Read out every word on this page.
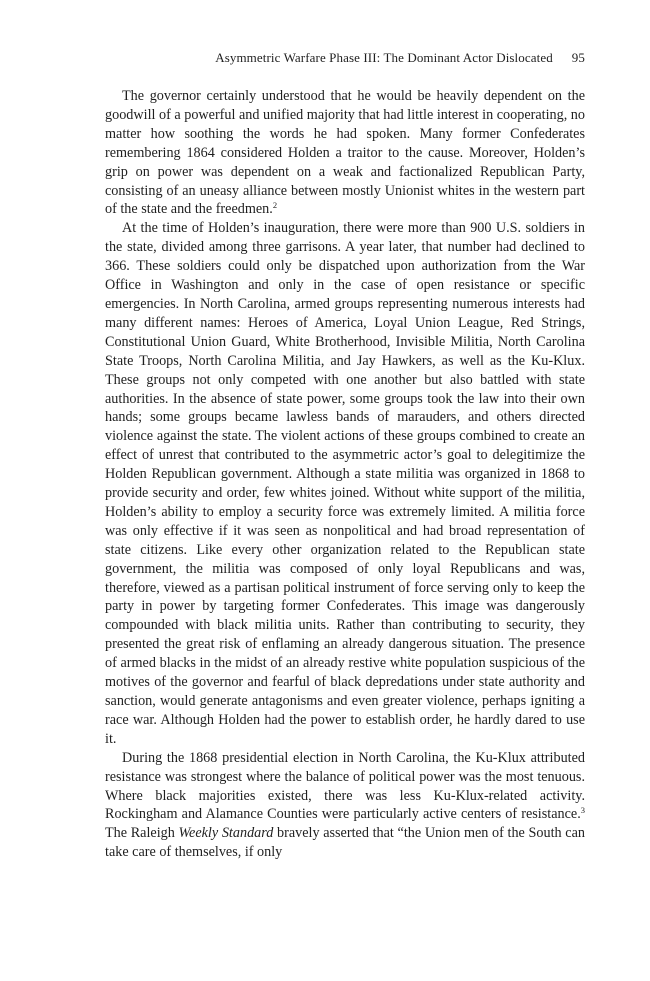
Asymmetric Warfare Phase III: The Dominant Actor Dislocated 95

The governor certainly understood that he would be heavily dependent on the goodwill of a powerful and unified majority that had little interest in cooperating, no matter how soothing the words he had spoken. Many former Confederates remembering 1864 considered Holden a traitor to the cause. Moreover, Holden’s grip on power was dependent on a weak and factionalized Republican Party, consisting of an uneasy alliance between mostly Unionist whites in the western part of the state and the freedmen.$^2$

At the time of Holden’s inauguration, there were more than 900 U.S. soldiers in the state, divided among three garrisons. A year later, that number had declined to 366. These soldiers could only be dispatched upon authorization from the War Office in Washington and only in the case of open resistance or specific emergencies. In North Carolina, armed groups representing numerous interests had many different names: Heroes of America, Loyal Union League, Red Strings, Constitutional Union Guard, White Brotherhood, Invisible Militia, North Carolina State Troops, North Carolina Militia, and Jay Hawkers, as well as the Ku-Klux. These groups not only competed with one another but also battled with state authorities. In the absence of state power, some groups took the law into their own hands; some groups became lawless bands of marauders, and others directed violence against the state. The violent actions of these groups combined to create an effect of unrest that contributed to the asymmetric actor’s goal to delegitimize the Holden Republican government. Although a state militia was organized in 1868 to provide security and order, few whites joined. Without white support of the militia, Holden’s ability to employ a security force was extremely limited. A militia force was only effective if it was seen as nonpolitical and had broad representation of state citizens. Like every other organization related to the Republican state government, the militia was composed of only loyal Republicans and was, therefore, viewed as a partisan political instrument of force serving only to keep the party in power by targeting former Confederates. This image was dangerously compounded with black militia units. Rather than contributing to security, they presented the great risk of enflaming an already dangerous situation. The presence of armed blacks in the midst of an already restive white population suspicious of the motives of the governor and fearful of black depredations under state authority and sanction, would generate antagonisms and even greater violence, perhaps igniting a race war. Although Holden had the power to establish order, he hardly dared to use it.

During the 1868 presidential election in North Carolina, the Ku-Klux attributed resistance was strongest where the balance of political power was the most tenuous. Where black majorities existed, there was less Ku-Klux-related activity. Rockingham and Alamance Counties were particularly active centers of resistance.$^3$ The Raleigh Weekly Standard bravely asserted that “the Union men of the South can take care of themselves, if only
